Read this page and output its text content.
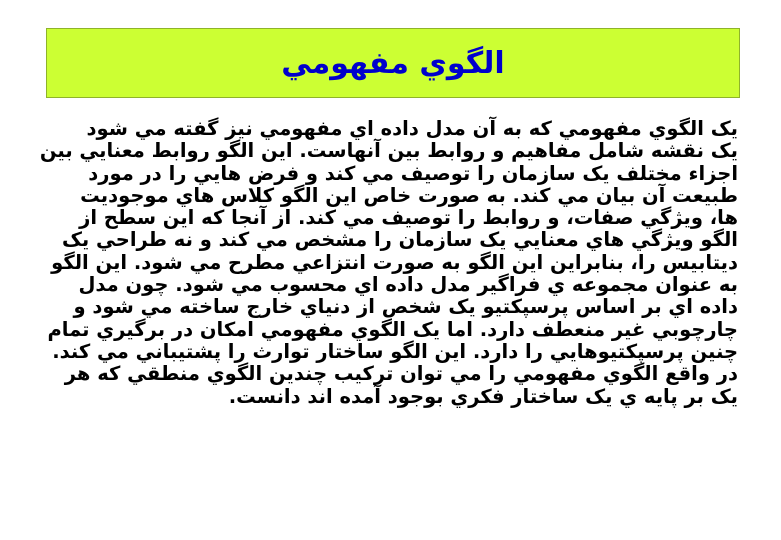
الگوي مفهومي
يک الگوي مفهومي که به آن مدل داده اي مفهومي نيز گفته مي شود
يک نقشه شامل مفاهيم و روابط بين آنهاست. اين الگو روابط معنايي بين
اجزاء مختلف يک سازمان را توصيف مي کند و فرض هايي را در مورد
طبيعت آن بيان مي کند. به صورت خاص اين الگو کلاس هاي موجوديت
ها، ويژگي صفات، و روابط را توصيف مي کند. از آنجا که اين سطح از
الگو ويژگي هاي معنايي يک سازمان را مشخص مي کند و نه طراحي يک
ديتابيس را، بنابراين اين الگو به صورت انتزاعي مطرح مي شود. اين الگو
به عنوان مجموعه ي فراگير مدل داده اي محسوب مي شود. چون مدل
داده اي بر اساس پرسپکتيو يک شخص از دنياي خارج ساخته مي شود و
چارچوبي غير منعطف دارد. اما يک الگوي مفهومي امکان در برگيري تمام
چنين پرسپکتيوهايي را دارد. اين الگو ساختار توارث را پشتيباني مي کند.
در واقع الگوي مفهومي را مي توان ترکيب چندين الگوي منطقي که هر
يک بر پايه ي يک ساختار فکري بوجود آمده اند دانست.
